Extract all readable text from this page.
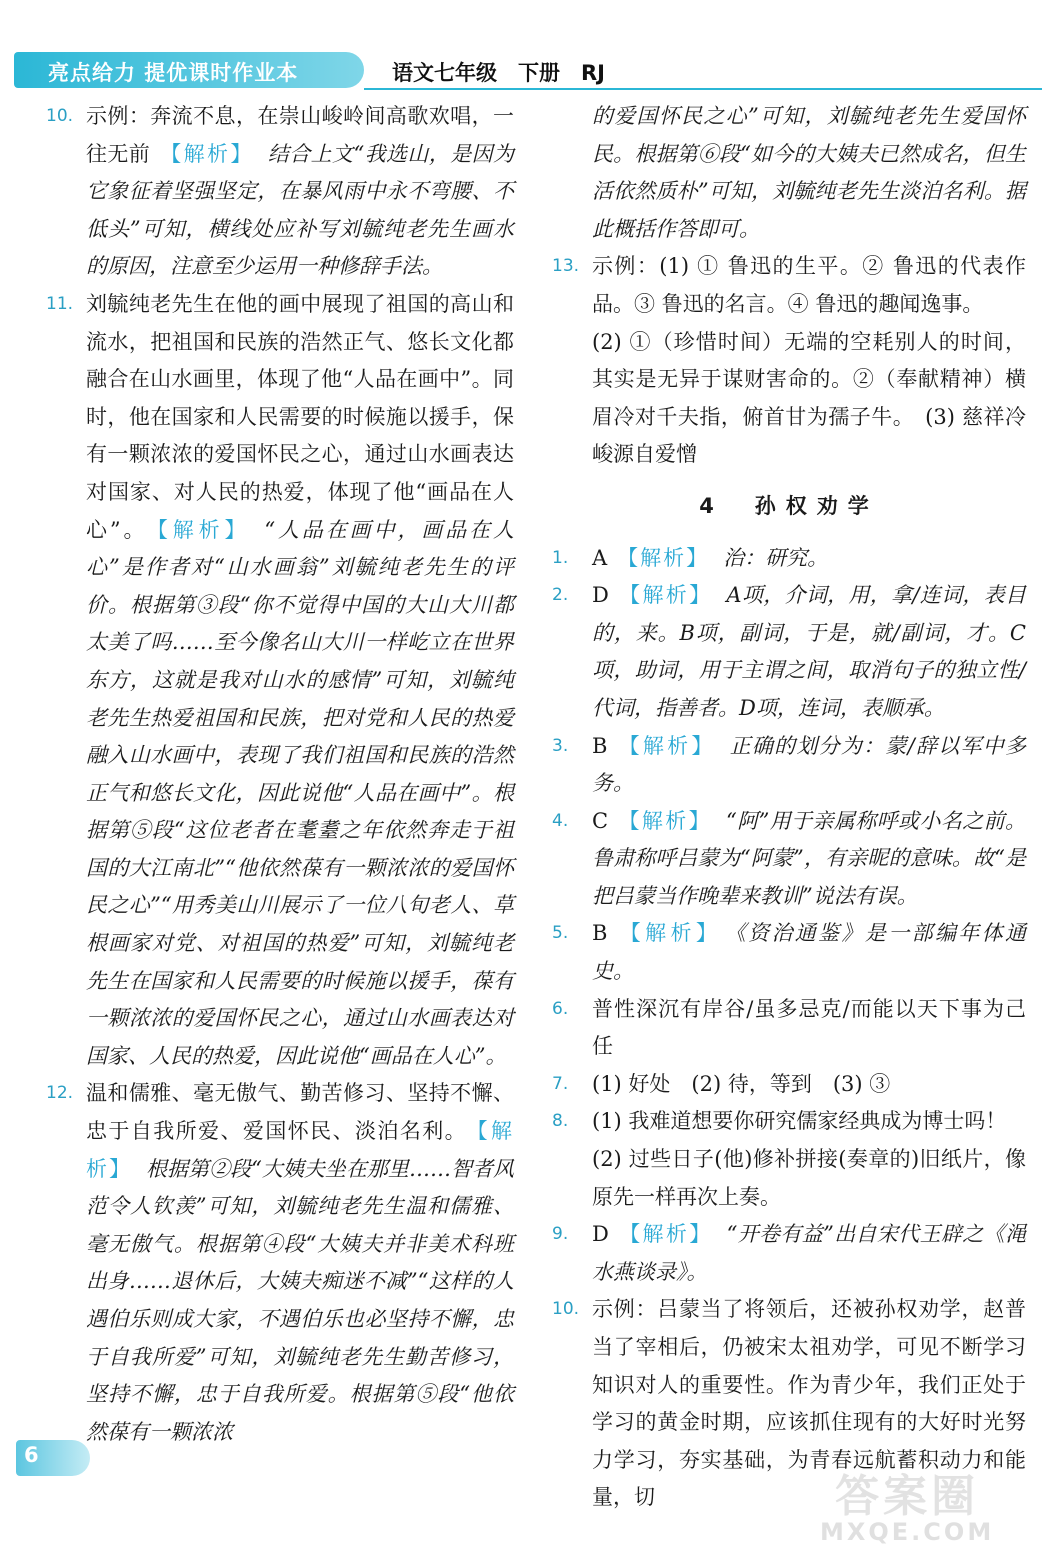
亮点给力 提优课时作业本	语文七年级　下册　RJ
10. 示例：奔流不息，在崇山峻岭间高歌欢唱，一往无前 【解析】 结合上文“我选山，是因为它象征着坚强坚定，在暴风雨中永不弯腰、不低头”可知，横线处应补写刘毓纯老先生画水的原因，注意至少运用一种修辞手法。
11. 刘毓纯老先生在他的画中展现了祖国的高山和流水，把祖国和民族的浩然正气、悠长文化都融合在山水画里，体现了他“人品在画中”。同时，他在国家和人民需要的时候施以援手，保有一颗浓浓的爱国怀民之心，通过山水画表达对国家、对人民的热爱，体现了他“画品在人心”。 【解析】 “人品在画中，画品在人心”是作者对“山水画翁”刘毓纯老先生的评价。根据第③段“你不觉得中国的大山大川都太美了吗……至今像名山大川一样屹立在世界东方，这就是我对山水的感情”可知，刘毓纯老先生热爱祖国和民族，把对党和人民的热爱融入山水画中，表现了我们祖国和民族的浩然正气和悠长文化，因此说他“人品在画中”。根据第⑤段“这位老者在耄耋之年依然奔走于祖国的大江南北”“他依然葆有一颗浓浓的爱国怀民之心”“用秀美山川展示了一位八旬老人、草根画家对党、对祖国的热爱”可知，刘毓纯老先生在国家和人民需要的时候施以援手，葆有一颗浓浓的爱国怀民之心，通过山水画表达对国家、人民的热爱，因此说他“画品在人心”。
12. 温和儒雅、毫无傲气、勤苦修习、坚持不懈、忠于自我所爱、爱国怀民、淡泊名利。 【解析】 根据第②段“大姨夫坐在那里……智者风范令人钦羡”可知，刘毓纯老先生温和儒雅、毫无傲气。根据第④段“大姨夫并非美术科班出身……退休后，大姨夫痴迷不减”“这样的人遇伯乐则成大家，不遇伯乐也必坚持不懈，忠于自我所爱”可知，刘毓纯老先生勤苦修习，坚持不懈，忠于自我所爱。根据第⑤段“他依然葆有一颗浓浓
的爱国怀民之心”可知，刘毓纯老先生爱国怀民。根据第⑥段“如今的大姨夫已然成名，但生活依然质朴”可知，刘毓纯老先生淡泊名利。据此概括作答即可。
13. 示例：(1) ① 鲁迅的生平。② 鲁迅的代表作品。③ 鲁迅的名言。④ 鲁迅的趣闻逸事。
(2) ①（珍惜时间）无端的空耗别人的时间，其实是无异于谋财害命的。②（奉献精神）横眉冷对千夫指，俯首甘为孺子牛。　(3) 慈祥冷峻源自爱憎
4　孙权劝学
1. A 【解析】 治：研究。
2. D 【解析】 A项，介词，用，拿/连词，表目的，来。B项，副词，于是，就/副词，才。C项，助词，用于主谓之间，取消句子的独立性/代词，指善者。D项，连词，表顺承。
3. B 【解析】 正确的划分为：蒙/辞以军中多务。
4. C 【解析】 “阿”用于亲属称呼或小名之前。鲁肃称呼吕蒙为“阿蒙”，有亲昵的意味。故“是把吕蒙当作晚辈来教训”说法有误。
5. B 【解析】 《资治通鉴》是一部编年体通史。
6. 普性深沉有岸谷/虽多忌克/而能以天下事为己任
7. (1) 好处　(2) 待，等到　(3) ③
8. (1) 我难道想要你研究儒家经典成为博士吗！
(2) 过些日子(他)修补拼接(奏章的)旧纸片，像原先一样再次上奏。
9. D 【解析】 “开卷有益”出自宋代王辟之《渑水燕谈录》。
10. 示例：吕蒙当了将领后，还被孙权劝学，赵普当了宰相后，仍被宋太祖劝学，可见不断学习知识对人的重要性。作为青少年，我们正处于学习的黄金时期，应该抓住现有的大好时光努力学习，夯实基础，为青春远航蓄积动力和能量，切
6
答案圈
MXQE.COM
